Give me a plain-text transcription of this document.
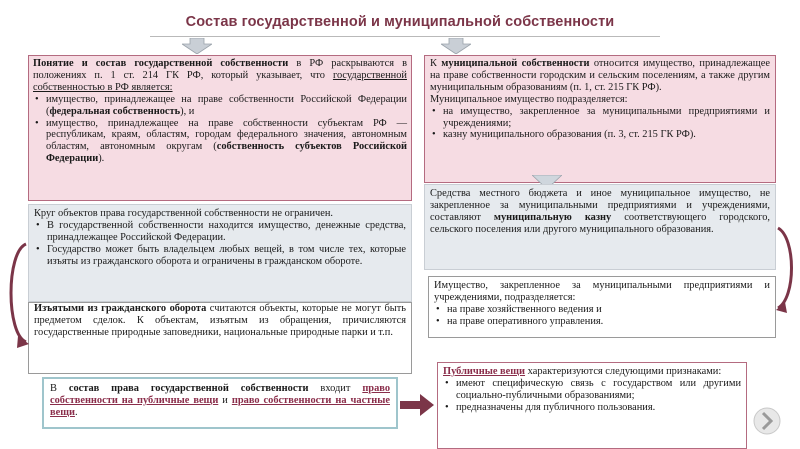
Состав государственной и муниципальной собственности

Понятие и состав государственной собственности в РФ раскрываются в положениях п. 1 ст. 214 ГК РФ, который указывает, что государственной собственностью в РФ является:

• имущество, принадлежащее на праве собственности Российской Федерации (федеральная собственность), и
• имущество, принадлежащее на праве собственности субъектам РФ — республикам, краям, областям, городам федерального значения, автономным областям, автономным округам (собственность субъектов Российской Федерации).

К муниципальной собственности относится имущество, принадлежащее на праве собственности городским и сельским поселениям, а также другим муниципальным образованиям (п. 1, ст. 215 ГК РФ).

Муниципальное имущество подразделяется:

• на имущество, закрепленное за муниципальными предприятиями и учреждениями;
• казну муниципального образования (п. 3, ст. 215 ГК РФ).

Круг объектов права государственной собственности не ограничен.

• В государственной собственности находится имущество, денежные средства, принадлежащее Российской Федерации.
• Государство может быть владельцем любых вещей, в том числе тех, которые изъяты из гражданского оборота и ограничены в гражданском обороте.

Изъятыми из гражданского оборота считаются объекты, которые не могут быть предметом сделок. К объектам, изъятым из обращения, причисляются государственные природные заповедники, национальные природные парки и т.п.

В состав права государственной собственности входит право собственности на публичные вещи и право собственности на частные вещи.

Средства местного бюджета и иное муниципальное имущество, не закрепленное за муниципальными предприятиями и учреждениями, составляют муниципальную казну соответствующего городского, сельского поселения или другого муниципального образования.

Имущество, закрепленное за муниципальными предприятиями и учреждениями, подразделяется:

• на праве хозяйственного ведения и
• на праве оперативного управления.

Публичные вещи характеризуются следующими признаками:

• имеют специфическую связь с государством или другими социально-публичными образованиями;
• предназначены для публичного пользования.
